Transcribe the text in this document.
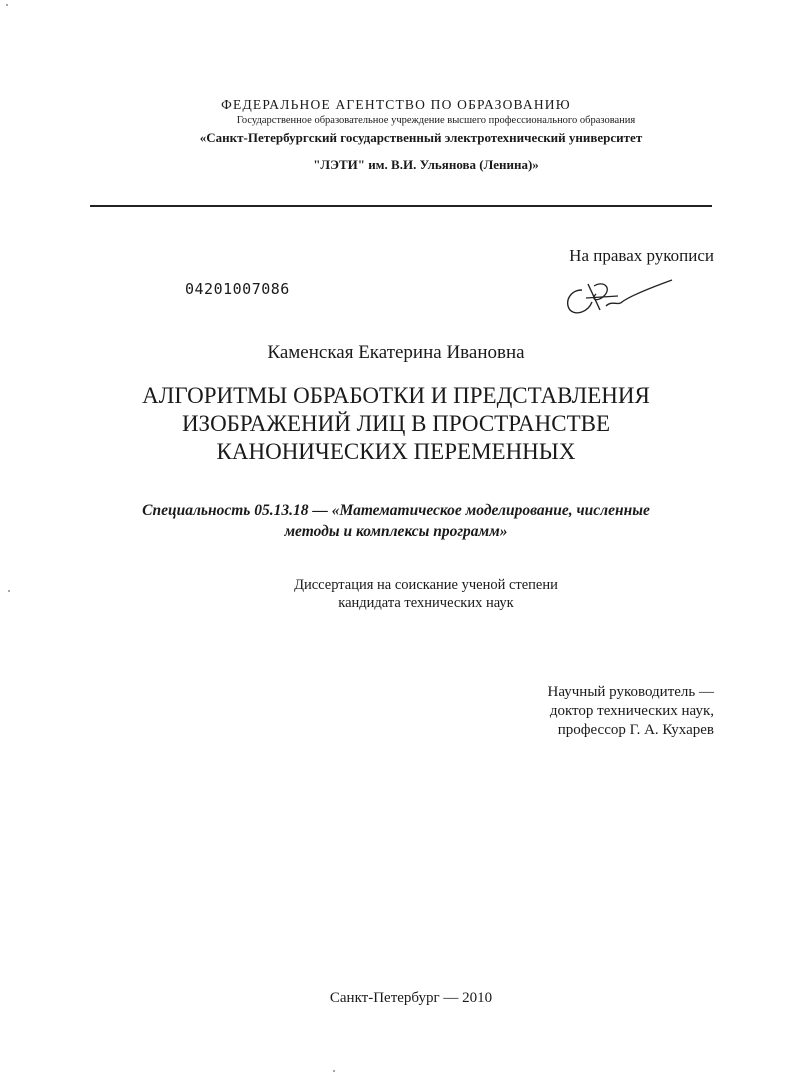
ФЕДЕРАЛЬНОЕ АГЕНТСТВО ПО ОБРАЗОВАНИЮ
Государственное образовательное учреждение высшего профессионального образования
«Санкт-Петербургский государственный электротехнический университет
"ЛЭТИ" им. В.И. Ульянова (Ленина)»
На правах рукописи
04201007086
Каменская Екатерина Ивановна
АЛГОРИТМЫ ОБРАБОТКИ И ПРЕДСТАВЛЕНИЯ
ИЗОБРАЖЕНИЙ ЛИЦ В ПРОСТРАНСТВЕ
КАНОНИЧЕСКИХ ПЕРЕМЕННЫХ
Специальность 05.13.18 — «Математическое моделирование, численные
методы и комплексы программ»
Диссертация на соискание ученой степени
кандидата технических наук
Научный руководитель —
доктор технических наук,
профессор Г. А. Кухарев
Санкт-Петербург — 2010
